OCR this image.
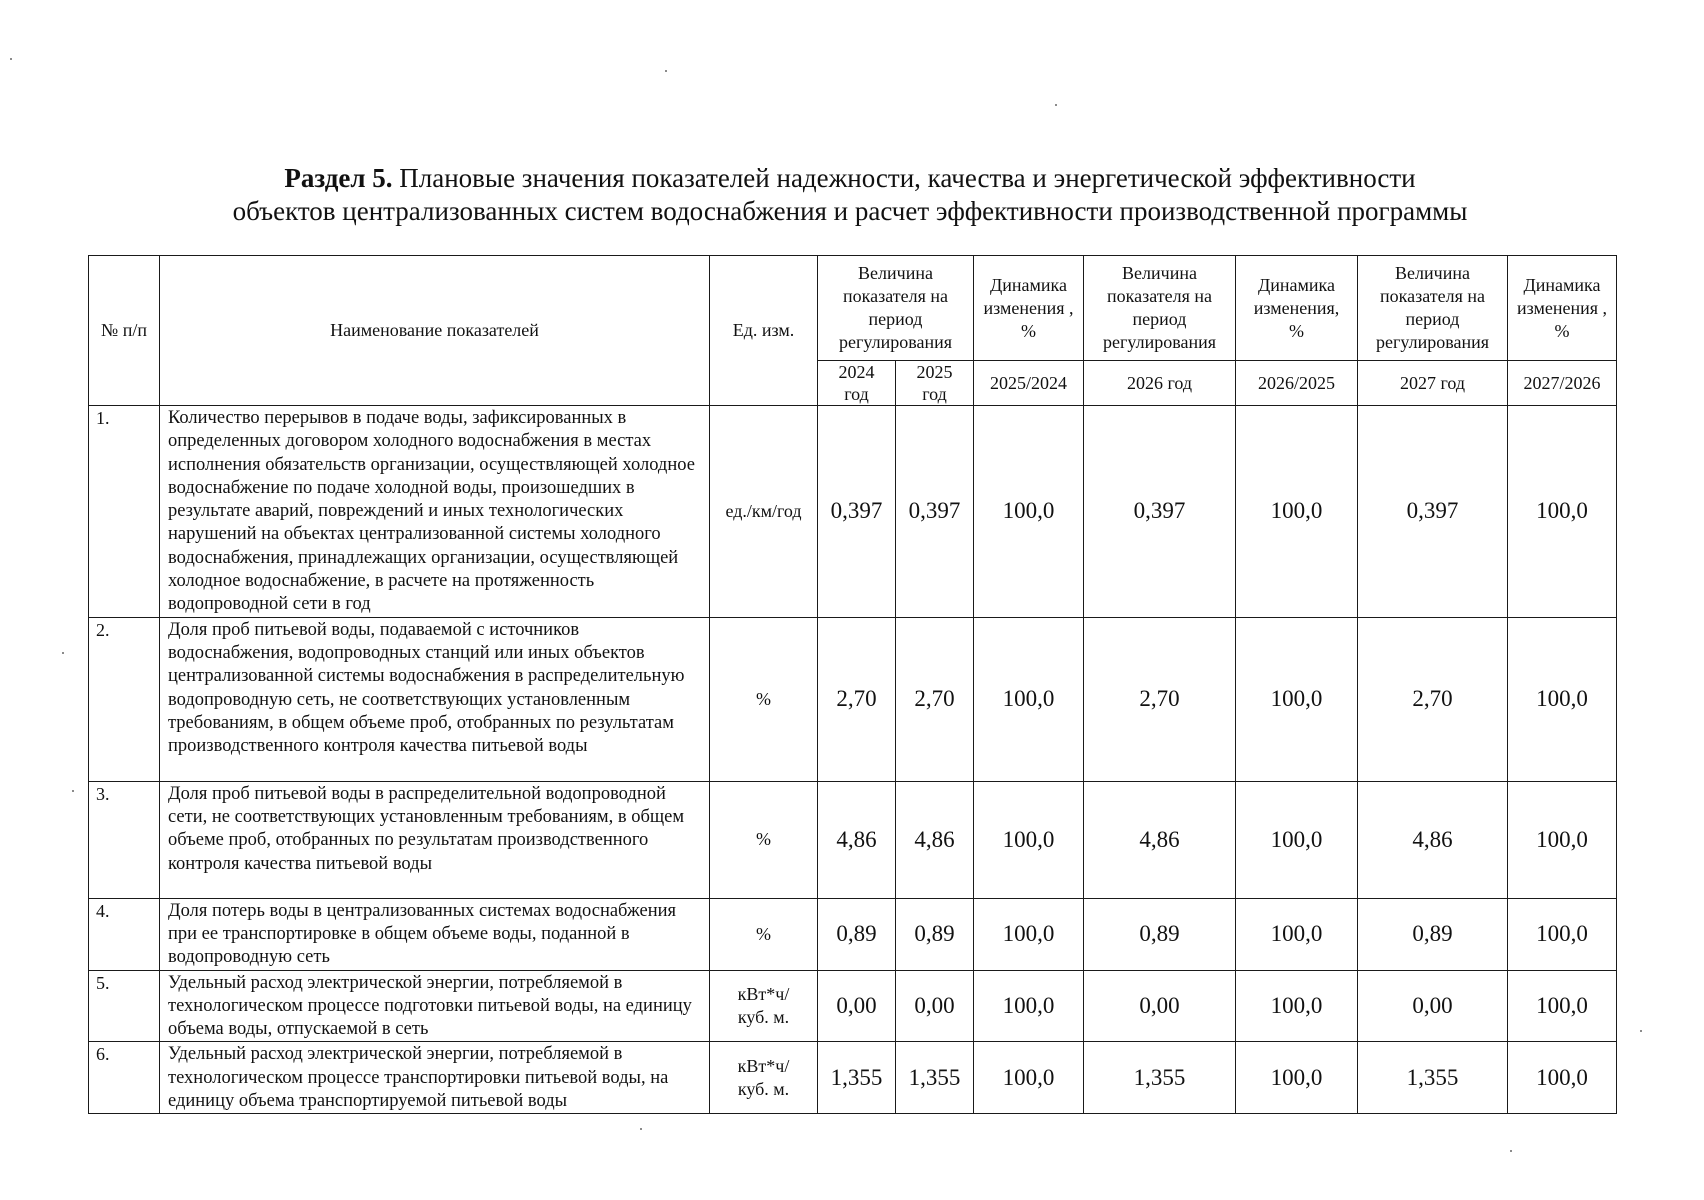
Раздел 5. Плановые значения показателей надежности, качества и энергетической эффективности
объектов централизованных систем водоснабжения и расчет эффективности производственной программы
№ п/п	Наименование показателей	Ед. изм.	Величина показателя на период регулирования		Динамика изменения , %	Величина показателя на период регулирования	Динамика изменения, %	Величина показателя на период регулирования	Динамика изменения , %
			2024 год	2025 год	2025/2024	2026 год	2026/2025	2027 год	2027/2026
1.	Количество перерывов в подаче воды, зафиксированных в определенных договором холодного водоснабжения в местах исполнения обязательств организации, осуществляющей холодное водоснабжение по подаче холодной воды, произошедших в результате аварий, повреждений и иных технологических нарушений на объектах централизованной системы холодного водоснабжения, принадлежащих организации, осуществляющей холодное водоснабжение, в расчете на протяженность водопроводной сети в год	ед./км/год	0,397	0,397	100,0	0,397	100,0	0,397	100,0
2.	Доля проб питьевой воды, подаваемой с источников водоснабжения, водопроводных станций или иных объектов централизованной системы водоснабжения в распределительную водопроводную сеть, не соответствующих установленным требованиям, в общем объеме проб, отобранных по результатам производственного контроля качества питьевой воды	%	2,70	2,70	100,0	2,70	100,0	2,70	100,0
3.	Доля проб питьевой воды в распределительной водопроводной сети, не соответствующих установленным требованиям, в общем объеме проб, отобранных по результатам производственного контроля качества питьевой воды	%	4,86	4,86	100,0	4,86	100,0	4,86	100,0
4.	Доля потерь воды в централизованных системах водоснабжения при ее транспортировке в общем объеме воды, поданной в водопроводную сеть	%	0,89	0,89	100,0	0,89	100,0	0,89	100,0
5.	Удельный расход электрической энергии, потребляемой в технологическом процессе подготовки питьевой воды, на единицу объема воды, отпускаемой в сеть	кВт*ч/ куб. м.	0,00	0,00	100,0	0,00	100,0	0,00	100,0
6.	Удельный расход электрической энергии, потребляемой в технологическом процессе транспортировки питьевой воды, на единицу объема транспортируемой питьевой воды	кВт*ч/ куб. м.	1,355	1,355	100,0	1,355	100,0	1,355	100,0
